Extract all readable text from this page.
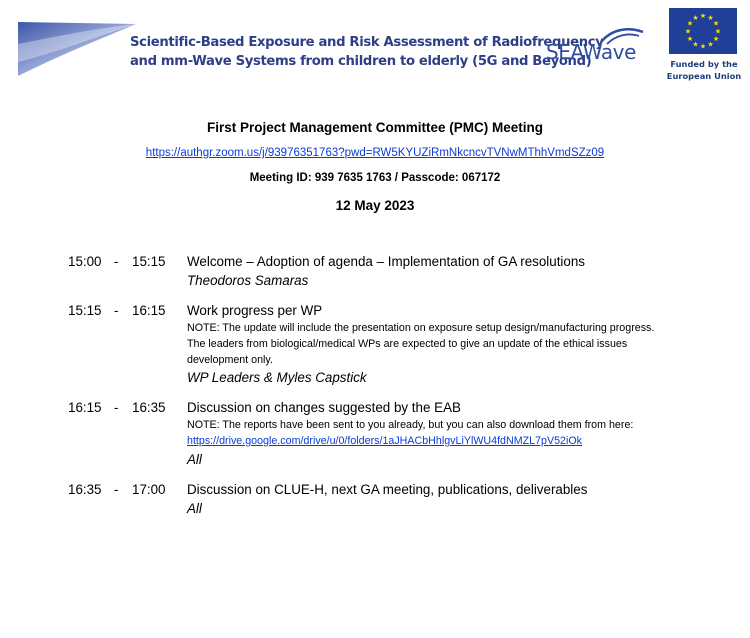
Scientific-Based Exposure and Risk Assessment of Radiofrequency
and mm-Wave Systems from children to elderly (5G and Beyond)
SEAWave
★ ★
★
★
★
★
★
★
★
★
★
★
Funded by the
European Union
First Project Management Committee (PMC) Meeting
https://authgr.zoom.us/j/93976351763?pwd=RW5KYUZiRmNkcncvTVNwMThhVmdSZz09
Meeting ID: 939 7635 1763 / Passcode: 067172
12 May 2023
15:00 - 15:15 Welcome – Adoption of agenda – Implementation of GA resolutions
Theodoros Samaras
15:15 - 16:15 Work progress per WP
NOTE: The update will include the presentation on exposure setup design/manufacturing progress.
The leaders from biological/medical WPs are expected to give an update of the ethical issues
development only.
WP Leaders & Myles Capstick
16:15 - 16:35 Discussion on changes suggested by the EAB
NOTE: The reports have been sent to you already, but you can also download them from here:
https://drive.google.com/drive/u/0/folders/1aJHACbHhlgvLiYlWU4fdNMZL7pV52iOk
All
16:35 - 17:00 Discussion on CLUE-H, next GA meeting, publications, deliverables
All
